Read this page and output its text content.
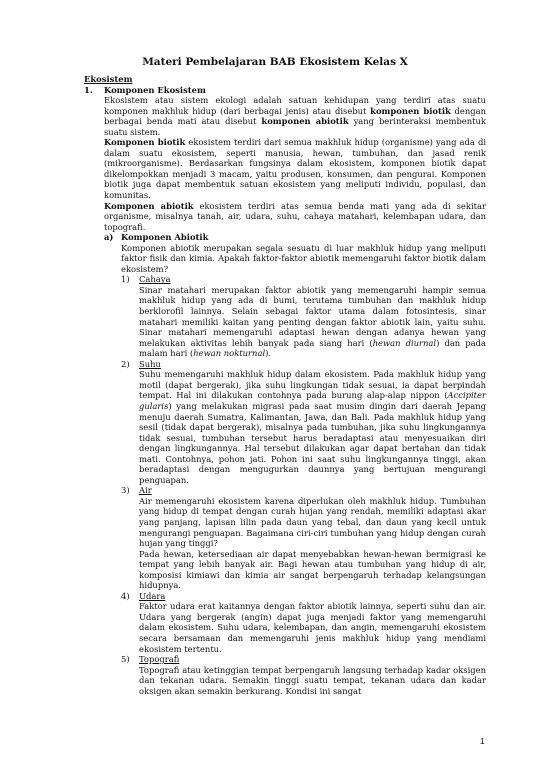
Materi Pembelajaran BAB Ekosistem Kelas X
Ekosistem
1.	Komponen Ekosistem

Ekosistem atau sistem ekologi adalah satuan kehidupan yang terdiri atas suatu komponen makhluk hidup (dari berbagai jenis) atau disebut komponen biotik dengan berbagai benda mati atau disebut komponen abiotik yang berinteraksi membentuk suatu sistem.

Komponen biotik ekosistem terdiri dari semua makhluk hidup (organisme) yang ada di dalam suatu ekosistem, seperti manusia, hewan, tumbuhan, dan jasad renik (mikroorganisme). Berdasarkan fungsinya dalam ekosistem, komponen biotik dapat dikelompokkan menjadi 3 macam, yaitu produsen, konsumen, dan pengurai. Komponen biotik juga dapat membentuk satuan ekosistem yang meliputi individu, populasi, dan komunitas.

Komponen abiotik ekosistem terdiri atas semua benda mati yang ada di sekitar organisme, misalnya tanah, air, udara, suhu, cahaya matahari, kelembapan udara, dan topografi.

a) Komponen Abiotik

Komponen abiotik merupakan segala sesuatu di luar makhluk hidup yang meliputi faktor fisik dan kimia. Apakah faktor-faktor abiotik memengaruhi faktor biotik dalam ekosistem?

1)	Cahaya

Sinar matahari merupakan faktor abiotik yang memengaruhi hampir semua makhluk hidup yang ada di bumi, terutama tumbuhan dan makhluk hidup berklorofil lainnya. Selain sebagai faktor utama dalam fotosintesis, sinar matahari memiliki kaitan yang penting dengan faktor abiotik lain, yaitu suhu. Sinar matahari memengaruhi adaptasi hewan dengan adanya hewan yang melakukan aktivitas lebih banyak pada siang hari (hewan diurnal) dan pada malam hari (hewan nokturnal).

2)	Suhu

Suhu memengaruhi makhluk hidup dalam ekosistem. Pada makhluk hidup yang motil (dapat bergerak), jika suhu lingkungan tidak sesuai, ia dapat berpindah tempat. Hal ini dilakukan contohnya pada burung alap-alap nippon (Accipiter gularis) yang melakukan migrasi pada saat musim dingin dari daerah Jepang menuju daerah Sumatra, Kalimantan, Jawa, dan Bali. Pada makhluk hidup yang sesil (tidak dapat bergerak), misalnya pada tumbuhan, jika suhu lingkungannya tidak sesuai, tumbuhan tersebut harus beradaptasi atau menyesuaikan diri dengan lingkungannya. Hal tersebut dilakukan agar dapat bertahan dan tidak mati. Contohnya, pohon jati. Pohon ini saat suhu lingkungannya tinggi, akan beradaptasi dengan mengugurkan daunnya yang bertujuan mengurangi penguapan.

3)	Air

Air memengaruhi ekosistem karena diperlukan oleh makhluk hidup. Tumbuhan yang hidup di tempat dengan curah hujan yang rendah, memiliki adaptasi akar yang panjang, lapisan lilin pada daun yang tebal, dan daun yang kecil untuk mengurangi penguapan. Bagaimana ciri-ciri tumbuhan yang hidup dengan curah hujan yang tinggi?

Pada hewan, ketersediaan air dapat menyebabkan hewan-hewan bermigrasi ke tempat yang lebih banyak air. Bagi hewan atau tumbuhan yang hidup di air, komposisi kimiawi dan kimia air sangat berpengaruh terhadap kelangsungan hidupnya.

4)	Udara

Faktor udara erat kaitannya dengan faktor abiotik lainnya, seperti suhu dan air. Udara yang bergerak (angin) dapat juga menjadi faktor yang memengaruhi dalam ekosistem. Suhu udara, kelembapan, dan angin, memengaruhi ekosistem secara bersamaan dan memengaruhi jenis makhluk hidup yang mendiami ekosistem tertentu.

5)	Topografi

Topografi atau ketinggian tempat berpengaruh langsung terhadap kadar oksigen dan tekanan udara. Semakin tinggi suatu tempat, tekanan udara dan kadar oksigen akan semakin berkurang. Kondisi ini sangat

1
